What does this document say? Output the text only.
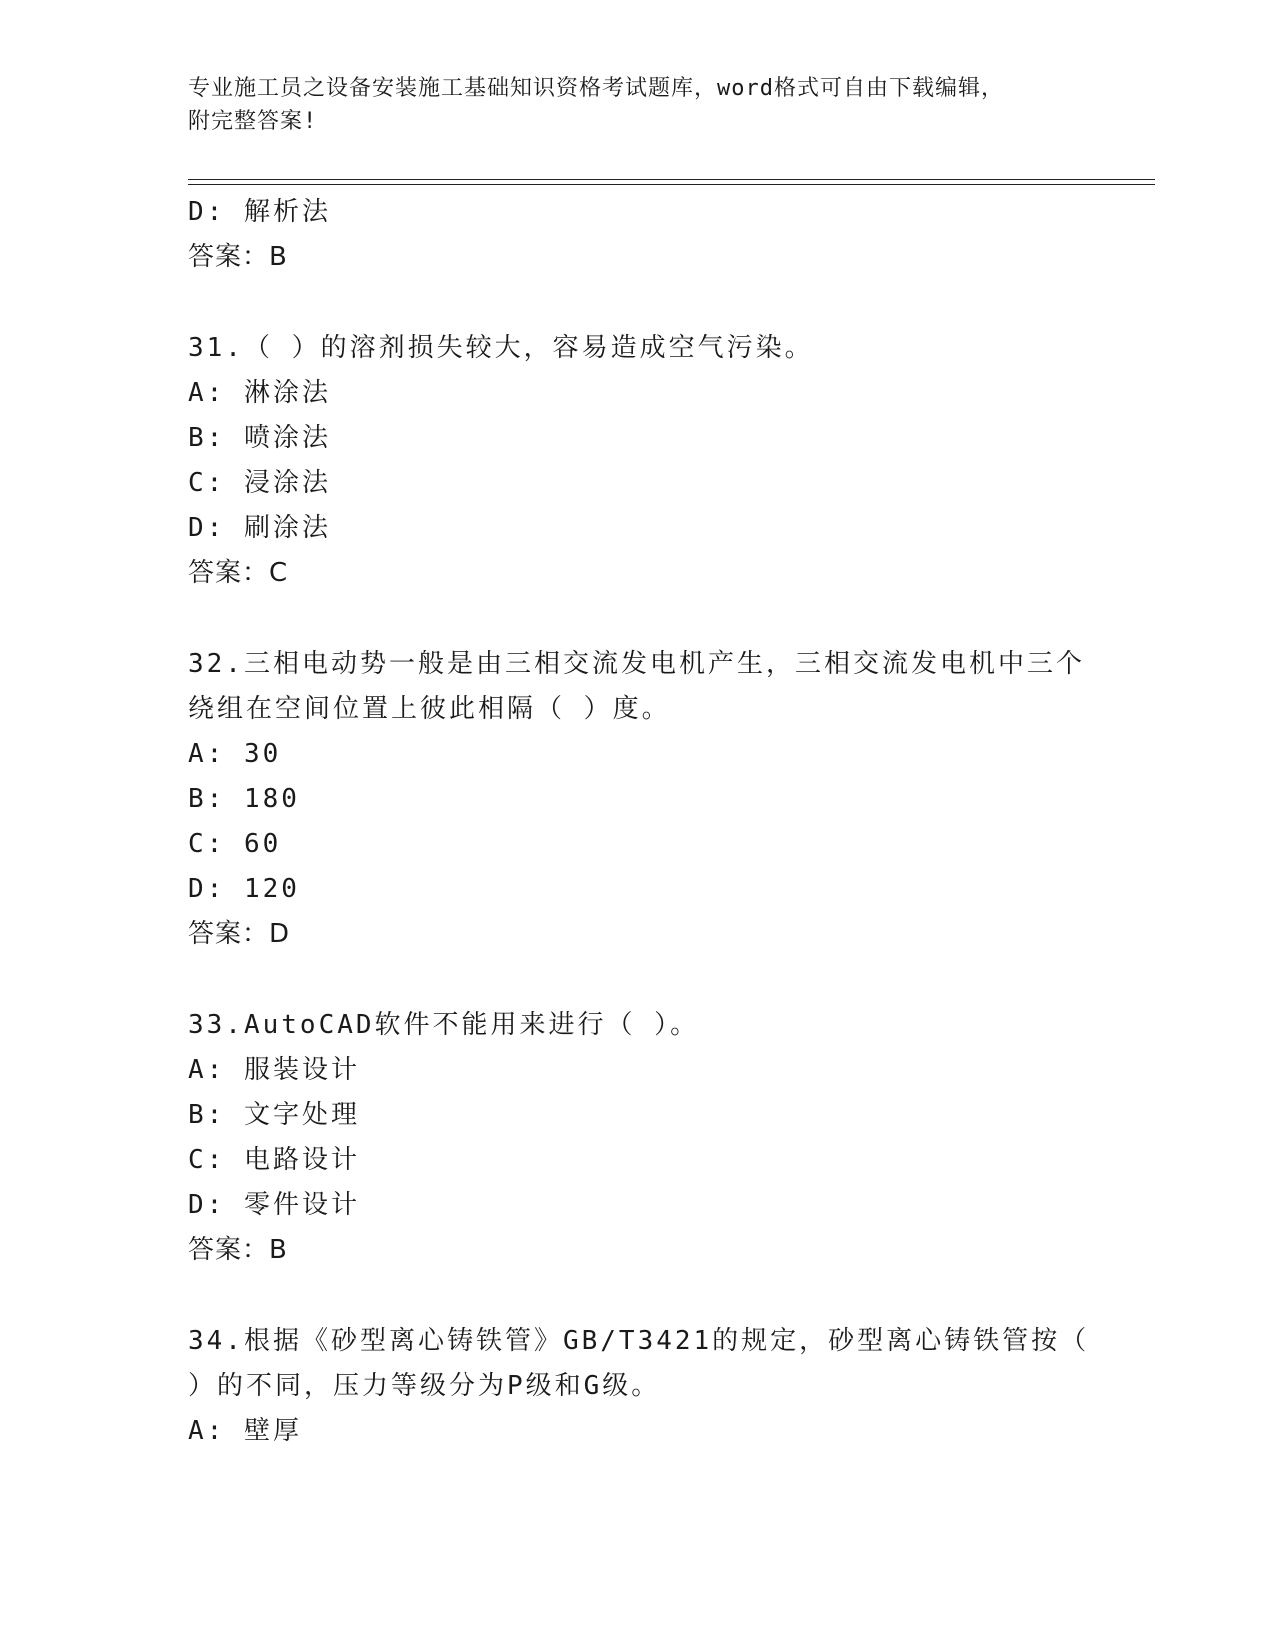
专业施工员之设备安装施工基础知识资格考试题库，word格式可自由下载编辑，
附完整答案!
D: 解析法
答案：B
31.（ ）的溶剂损失较大，容易造成空气污染。
A: 淋涂法
B: 喷涂法
C: 浸涂法
D: 刷涂法
答案：C
32.三相电动势一般是由三相交流发电机产生，三相交流发电机中三个
绕组在空间位置上彼此相隔（ ）度。
A: 30
B: 180
C: 60
D: 120
答案：D
33.AutoCAD软件不能用来进行（ ）。
A: 服装设计
B: 文字处理
C: 电路设计
D: 零件设计
答案：B
34.根据《砂型离心铸铁管》GB/T3421的规定，砂型离心铸铁管按（
）的不同，压力等级分为P级和G级。
A: 壁厚
